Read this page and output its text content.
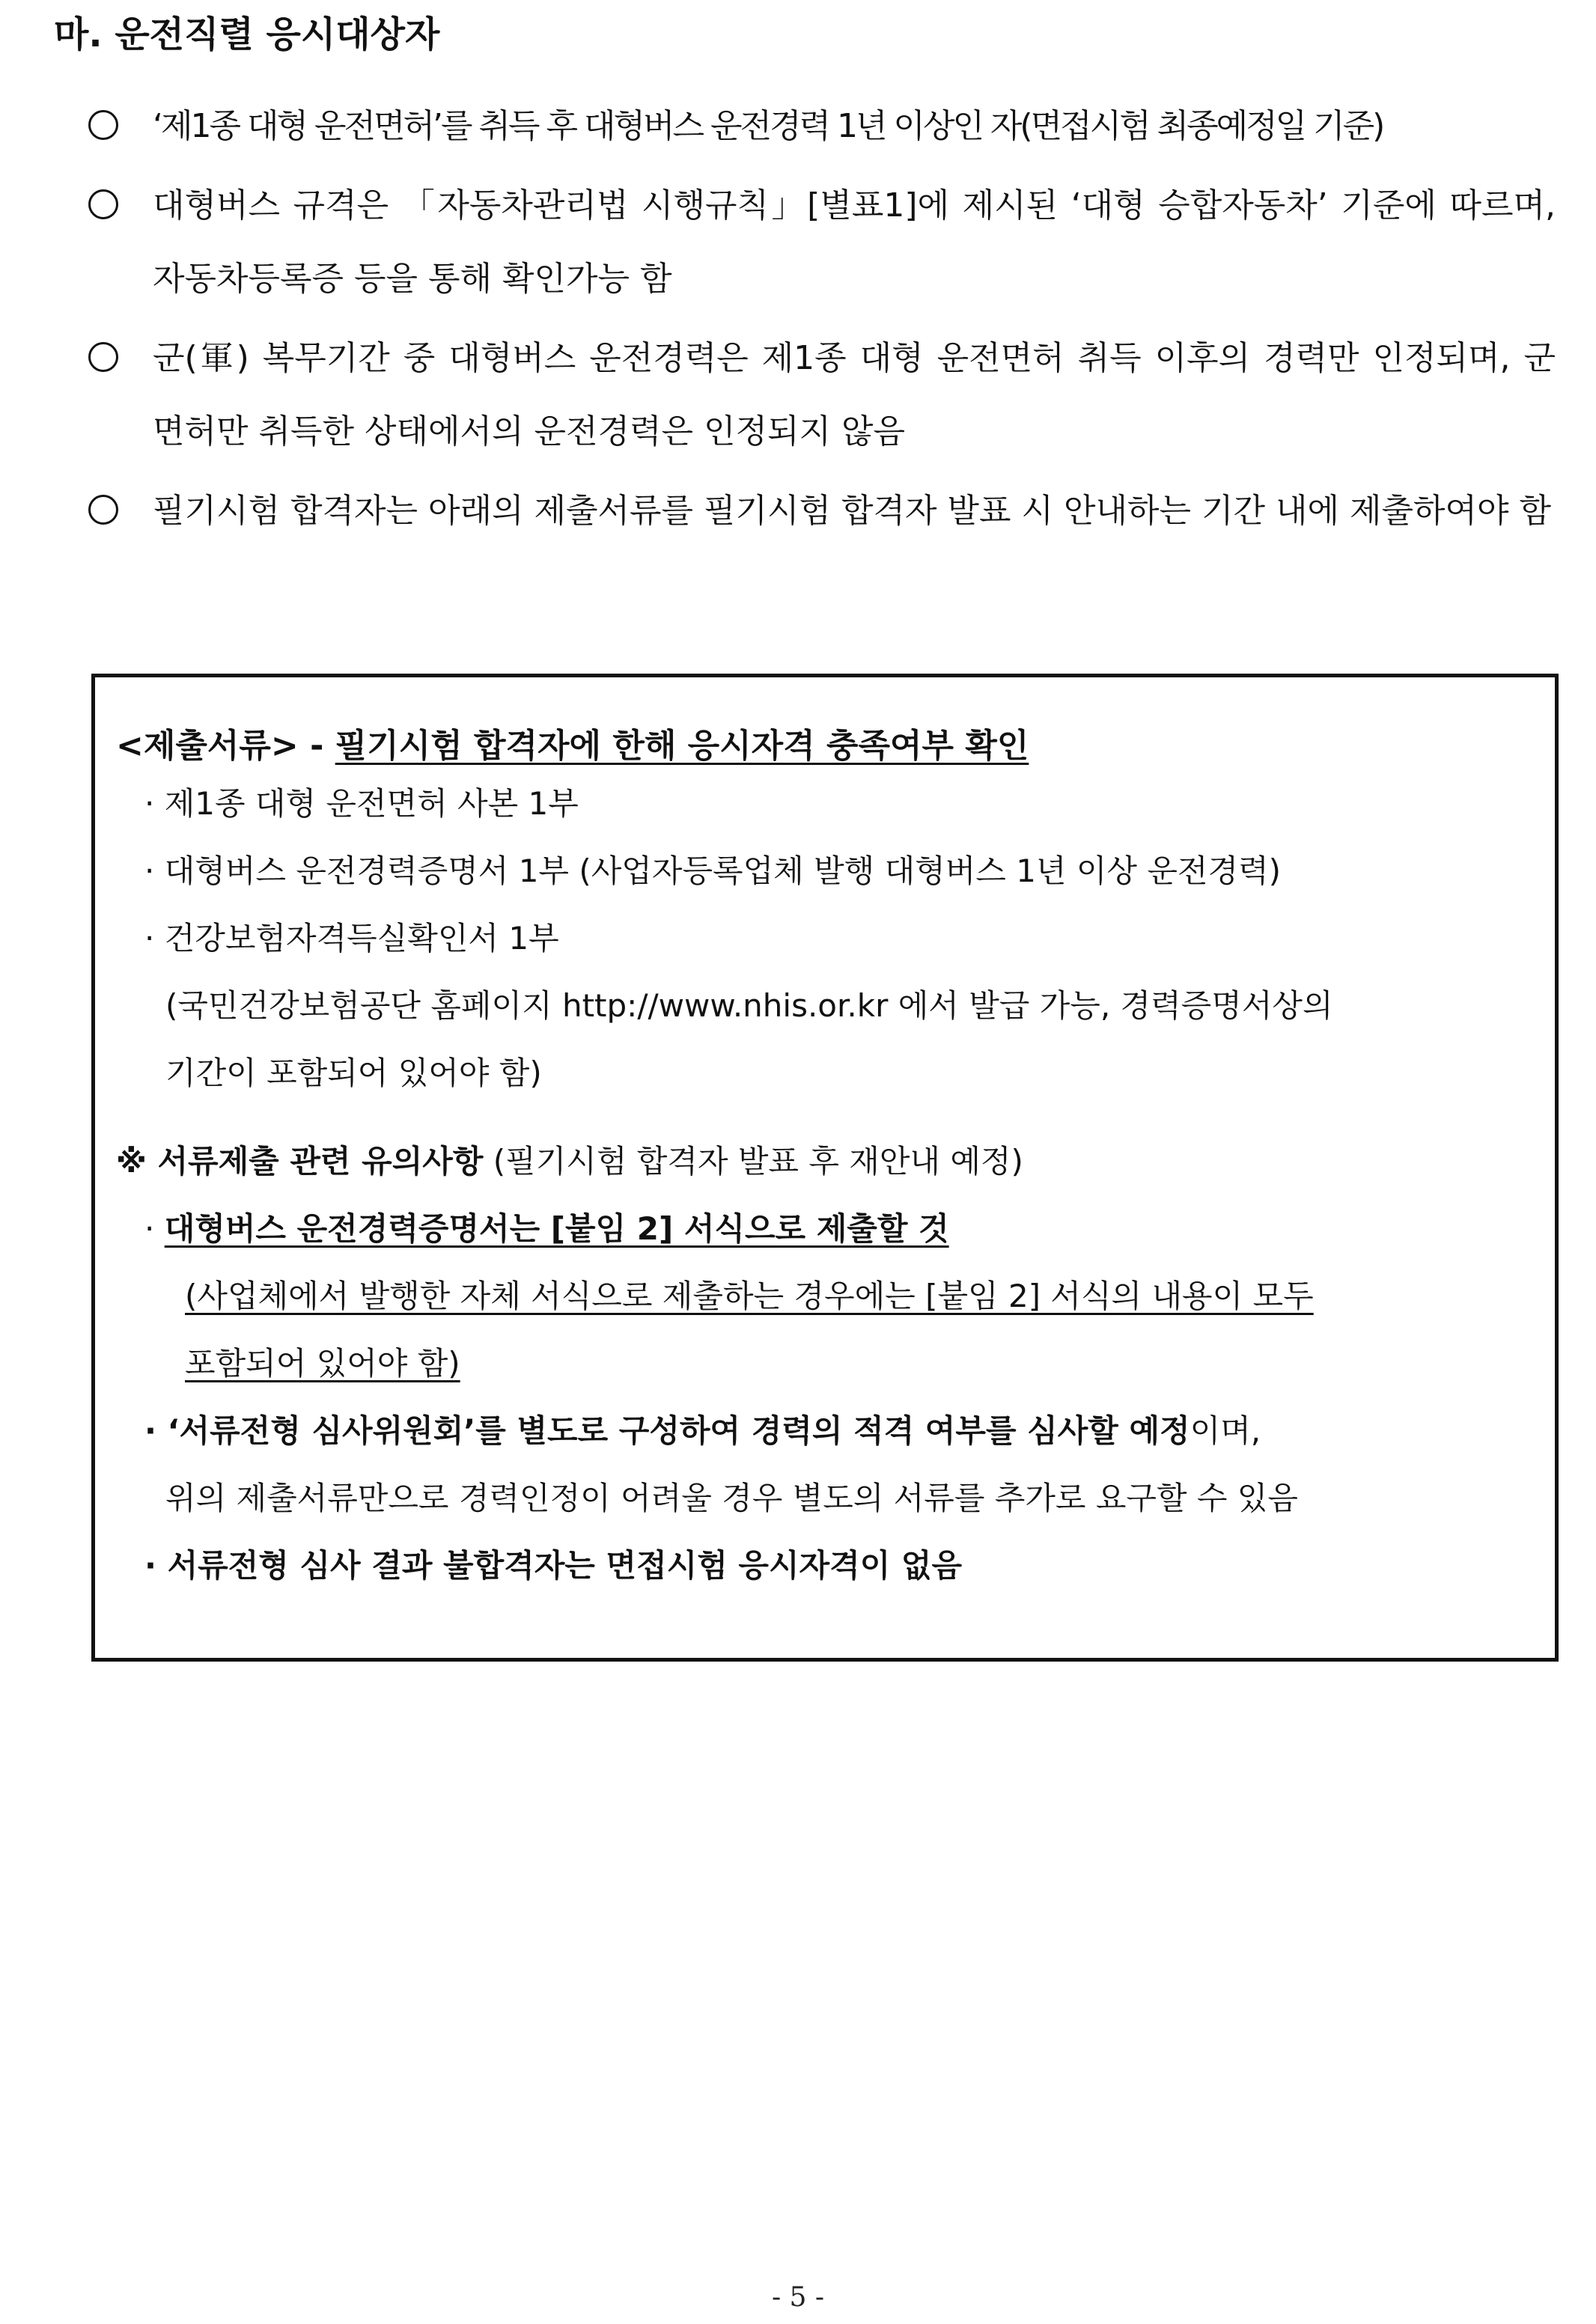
마. 운전직렬 응시대상자
‘제1종 대형 운전면허’를 취득 후 대형버스 운전경력 1년 이상인 자(면접시험 최종예정일 기준)
대형버스 규격은 「자동차관리법 시행규칙」[별표1]에 제시된 ‘대형 승합자동차’ 기준에 따르며, 자동차등록증 등을 통해 확인가능 함
군(軍) 복무기간 중 대형버스 운전경력은 제1종 대형 운전면허 취득 이후의 경력만 인정되며, 군 면허만 취득한 상태에서의 운전경력은 인정되지 않음
필기시험 합격자는 아래의 제출서류를 필기시험 합격자 발표 시 안내하는 기간 내에 제출하여야 함
<제출서류> - 필기시험 합격자에 한해 응시자격 충족여부 확인
· 제1종 대형 운전면허 사본 1부
· 대형버스 운전경력증명서 1부 (사업자등록업체 발행 대형버스 1년 이상 운전경력)
· 건강보험자격득실확인서 1부
(국민건강보험공단 홈페이지 http://www.nhis.or.kr 에서 발급 가능, 경력증명서상의
기간이 포함되어 있어야 함)
※ 서류제출 관련 유의사항 (필기시험 합격자 발표 후 재안내 예정)
· 대형버스 운전경력증명서는 [붙임 2] 서식으로 제출할 것
(사업체에서 발행한 자체 서식으로 제출하는 경우에는 [붙임 2] 서식의 내용이 모두
포함되어 있어야 함)
· ‘서류전형 심사위원회’를 별도로 구성하여 경력의 적격 여부를 심사할 예정이며,
위의 제출서류만으로 경력인정이 어려울 경우 별도의 서류를 추가로 요구할 수 있음
· 서류전형 심사 결과 불합격자는 면접시험 응시자격이 없음
- 5 -
